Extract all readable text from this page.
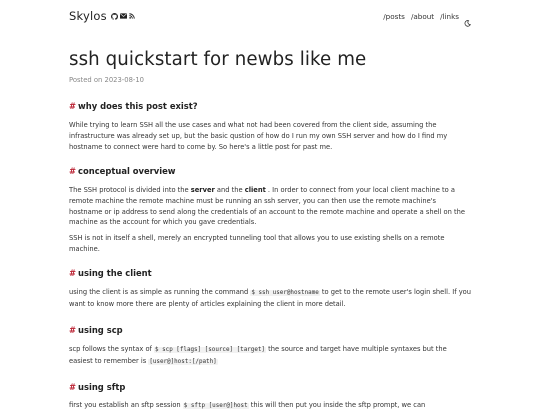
Skylos	/posts /about /links
ssh quickstart for newbs like me
Posted on 2023-08-10
# why does this post exist?

While trying to learn SSH all the use cases and what not had been covered from the client side, assuming the infrastructure was already set up, but the basic qustion of how do I run my own SSH server and how do I find my hostname to connect were hard to come by. So here's a little post for past me.

# conceptual overview

The SSH protocol is divided into the server and the client . In order to connect from your local client machine to a remote machine the remote machine must be running an ssh server, you can then use the remote machine's hostname or ip address to send along the credentials of an account to the remote machine and operate a shell on the machine as the account for which you gave credentials.

SSH is not in itself a shell, merely an encrypted tunneling tool that allows you to use existing shells on a remote machine.

# using the client

using the client is as simple as running the command $ ssh user@hostname to get to the remote user's login shell. If you want to know more there are plenty of articles explaining the client in more detail.

# using scp

scp follows the syntax of $ scp [flags] [source] [target] the source and target have multiple syntaxes but the easiest to remember is [user@]host:[/path]

# using sftp

first you establish an sftp session $ sftp [user@]host this will then put you inside the sftp prompt, we can
